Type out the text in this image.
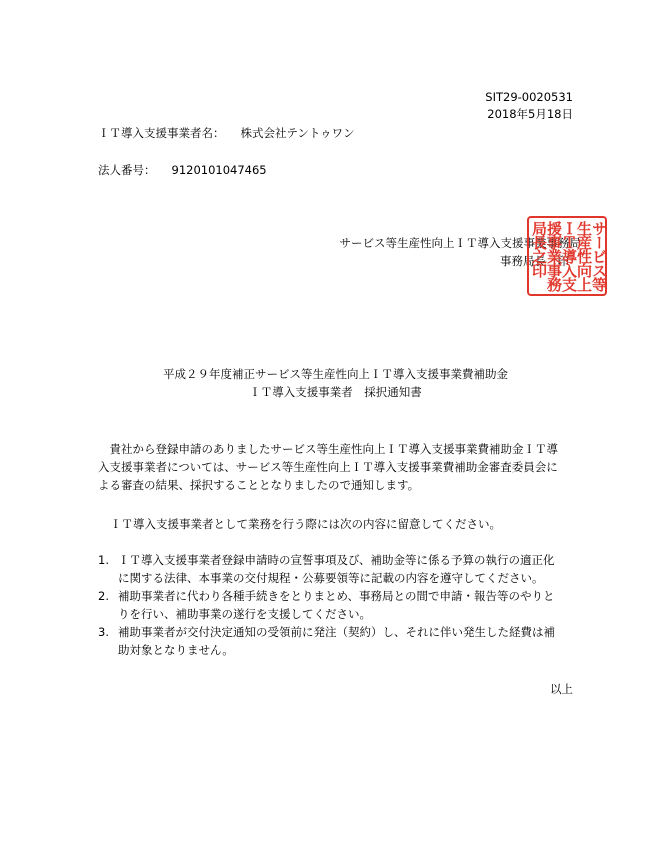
SIT29-0020531
2018年5月18日
ＩＴ導入支援事業者名： 株式会社テントゥワン
法人番号： 9120101047465
サービス等生産性向上ＩＴ導入支援事業事務局
事務局長　印 サービス等
生産性向上
ＩＴ導入支
援事業事務
局長之印
平成２９年度補正サービス等生産性向上ＩＴ導入支援事業費補助金
ＩＴ導入支援事業者　採択通知書
　貴社から登録申請のありましたサービス等生産性向上ＩＴ導入支援事業費補助金ＩＴ導
入支援事業者については、サービス等生産性向上ＩＴ導入支援事業費補助金審査委員会に
よる審査の結果、採択することとなりましたので通知します。
ＩＴ導入支援事業者として業務を行う際には次の内容に留意してください。
1. ＩＴ導入支援事業者登録申請時の宣誓事項及び、補助金等に係る予算の執行の適正化
に関する法律、本事業の交付規程・公募要領等に記載の内容を遵守してください。
2. 補助事業者に代わり各種手続きをとりまとめ、事務局との間で申請・報告等のやりと
りを行い、補助事業の遂行を支援してください。
3. 補助事業者が交付決定通知の受領前に発注（契約）し、それに伴い発生した経費は補
助対象となりません。
以上
